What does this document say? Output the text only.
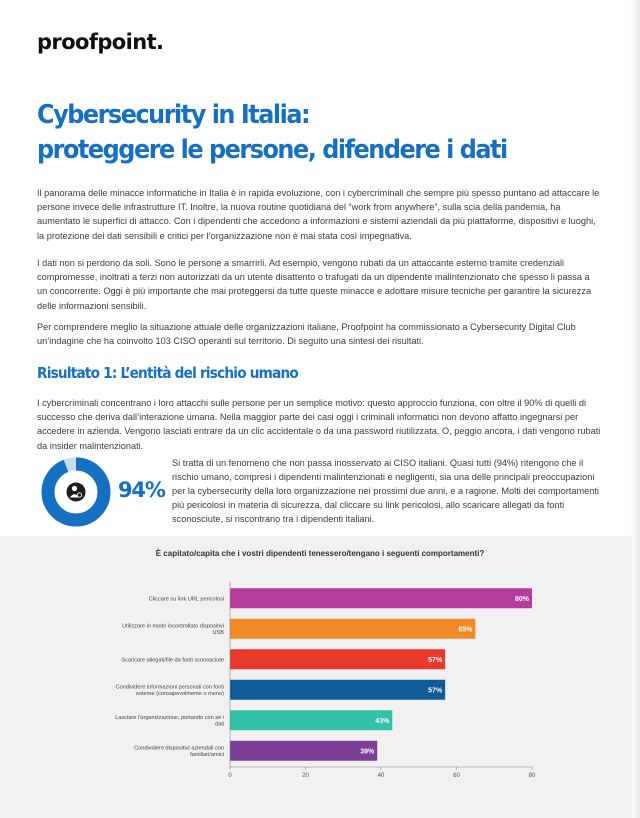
proofpoint.
Cybersecurity in Italia:
proteggere le persone, difendere i dati

Il panorama delle minacce informatiche in Italia è in rapida evoluzione, con i cybercriminali che sempre più spesso puntano ad attaccare le persone invece delle infrastrutture IT. Inoltre, la nuova routine quotidiana del “work from anywhere”, sulla scia della pandemia, ha aumentato le superfici di attacco. Con i dipendenti che accedono a informazioni e sistemi aziendali da più piattaforme, dispositivi e luoghi, la protezione dei dati sensibili e critici per l’organizzazione non è mai stata così impegnativa.

I dati non si perdono da soli. Sono le persone a smarrirli. Ad esempio, vengono rubati da un attaccante esterno tramite credenziali compromesse, inoltrati a terzi non autorizzati da un utente disattento o trafugati da un dipendente malintenzionato che spesso li passa a un concorrente. Oggi è più importante che mai proteggersi da tutte queste minacce e adottare misure tecniche per garantire la sicurezza delle informazioni sensibili.

Per comprendere meglio la situazione attuale delle organizzazioni italiane, Proofpoint ha commissionato a Cybersecurity Digital Club un’indagine che ha coinvolto 103 CISO operanti sul territorio. Di seguito una sintesi dei risultati.

Risultato 1: L’entità del rischio umano

I cybercriminali concentrano i loro attacchi sulle persone per un semplice motivo: questo approccio funziona, con oltre il 90% di quelli di successo che deriva dall’interazione umana. Nella maggior parte dei casi oggi i criminali informatici non devono affatto ingegnarsi per accedere in azienda. Vengono lasciati entrare da un clic accidentale o da una password riutilizzata. O, peggio ancora, i dati vengono rubati da insider malintenzionati.

94%

Si tratta di un fenomeno che non passa inosservato ai CISO italiani. Quasi tutti (94%) ritengono che il rischio umano, compresi i dipendenti malintenzionati e negligenti, sia una delle principali preoccupazioni per la cybersecurity della loro organizzazione nei prossimi due anni, e a ragione. Molti dei comportamenti più pericolosi in materia di sicurezza, dal cliccare su link pericolosi, allo scaricare allegati da fonti sconosciute, si riscontrano tra i dipendenti italiani.

È capitato/capita che i vostri dipendenti tenessero/tengano i seguenti comportamenti?
80%
Cliccare su link URL pericolosi
65%
Utilizzare in modo incontrollato dispositivi
USB
57%
Scaricare allegati/file da fonti sconosciute
57%
Condividere informazioni personali con fonti
esterne (consapevolmente o meno)
43%
Lasciare l’organizzazione, portando con sé i
dati
39%
Condividere dispositivi aziendali con
familiari/amici
0	20	40	60	80
